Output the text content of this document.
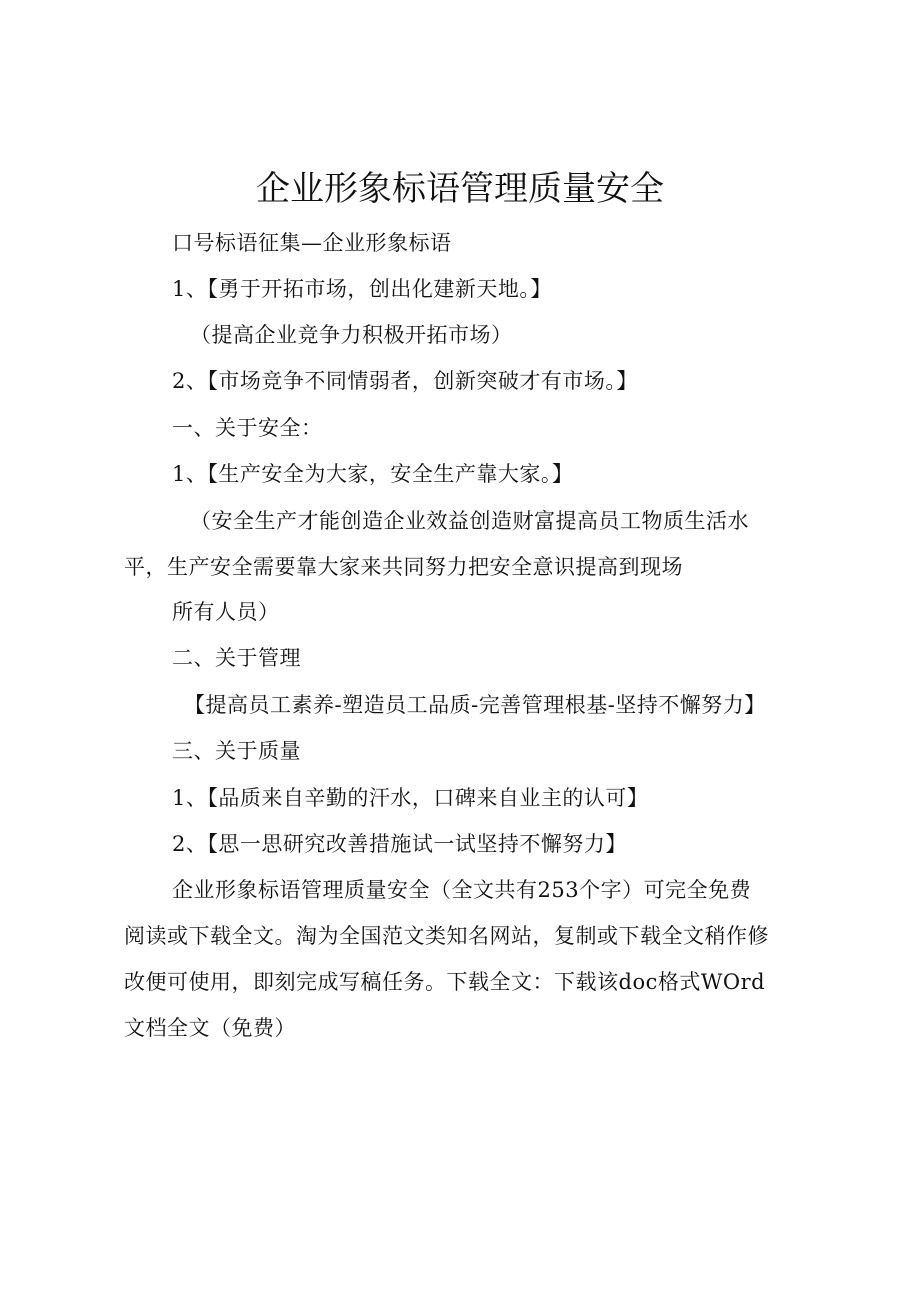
企业形象标语管理质量安全
口号标语征集—企业形象标语
1、【勇于开拓市场，创出化建新天地。】
（提高企业竞争力积极开拓市场）
2、【市场竞争不同情弱者，创新突破才有市场。】
一、关于安全：
1、【生产安全为大家，安全生产靠大家。】
（安全生产才能创造企业效益创造财富提高员工物质生活水
平，生产安全需要靠大家来共同努力把安全意识提高到现场
所有人员）
二、关于管理
【提高员工素养-塑造员工品质-完善管理根基-坚持不懈努力】
三、关于质量
1、【品质来自辛勤的汗水，口碑来自业主的认可】
2、【思一思研究改善措施试一试坚持不懈努力】
企业形象标语管理质量安全（全文共有253个字）可完全免费
阅读或下载全文。淘为全国范文类知名网站，复制或下载全文稍作修
改便可使用，即刻完成写稿任务。下载全文：下载该doc格式WOrd
文档全文（免费）
